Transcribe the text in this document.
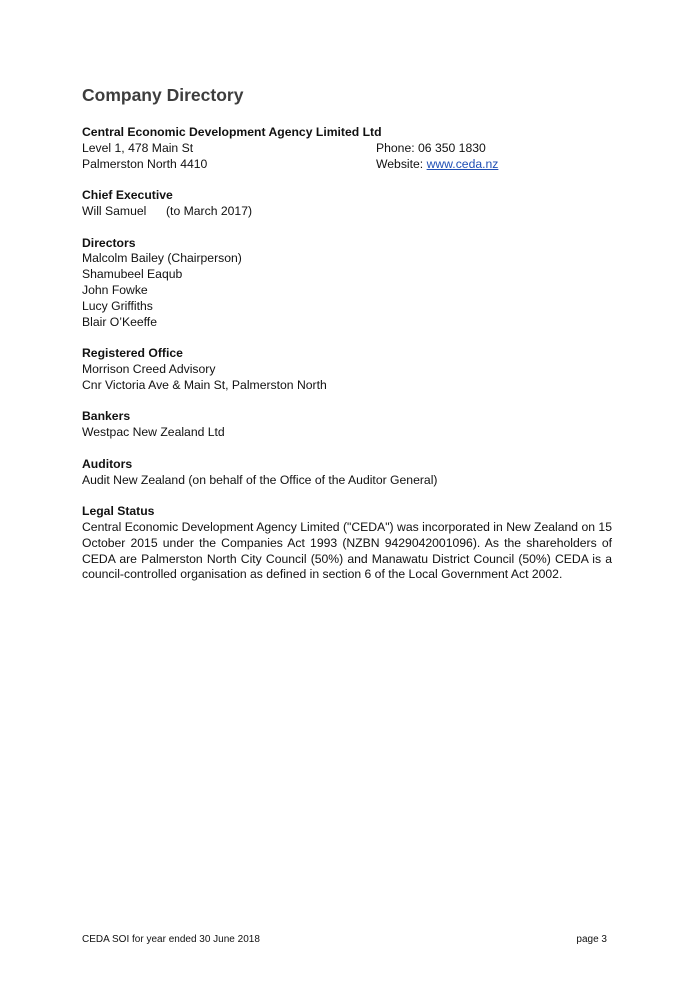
Company Directory
Central Economic Development Agency Limited Ltd
Level 1, 478 Main St	Phone: 06 350 1830
Palmerston North 4410	Website: www.ceda.nz
Chief Executive
Will Samuel (to March 2017)
Directors
Malcolm Bailey (Chairperson)
Shamubeel Eaqub
John Fowke
Lucy Griffiths
Blair O’Keeffe
Registered Office
Morrison Creed Advisory
Cnr Victoria Ave & Main St, Palmerston North
Bankers
Westpac New Zealand Ltd
Auditors
Audit New Zealand (on behalf of the Office of the Auditor General)
Legal Status
Central Economic Development Agency Limited ("CEDA") was incorporated in New Zealand on 15 October 2015 under the Companies Act 1993 (NZBN 9429042001096). As the shareholders of CEDA are Palmerston North City Council (50%) and Manawatu District Council (50%) CEDA is a council-controlled organisation as defined in section 6 of the Local Government Act 2002.
CEDA SOI for year ended 30 June 2018	page 3
